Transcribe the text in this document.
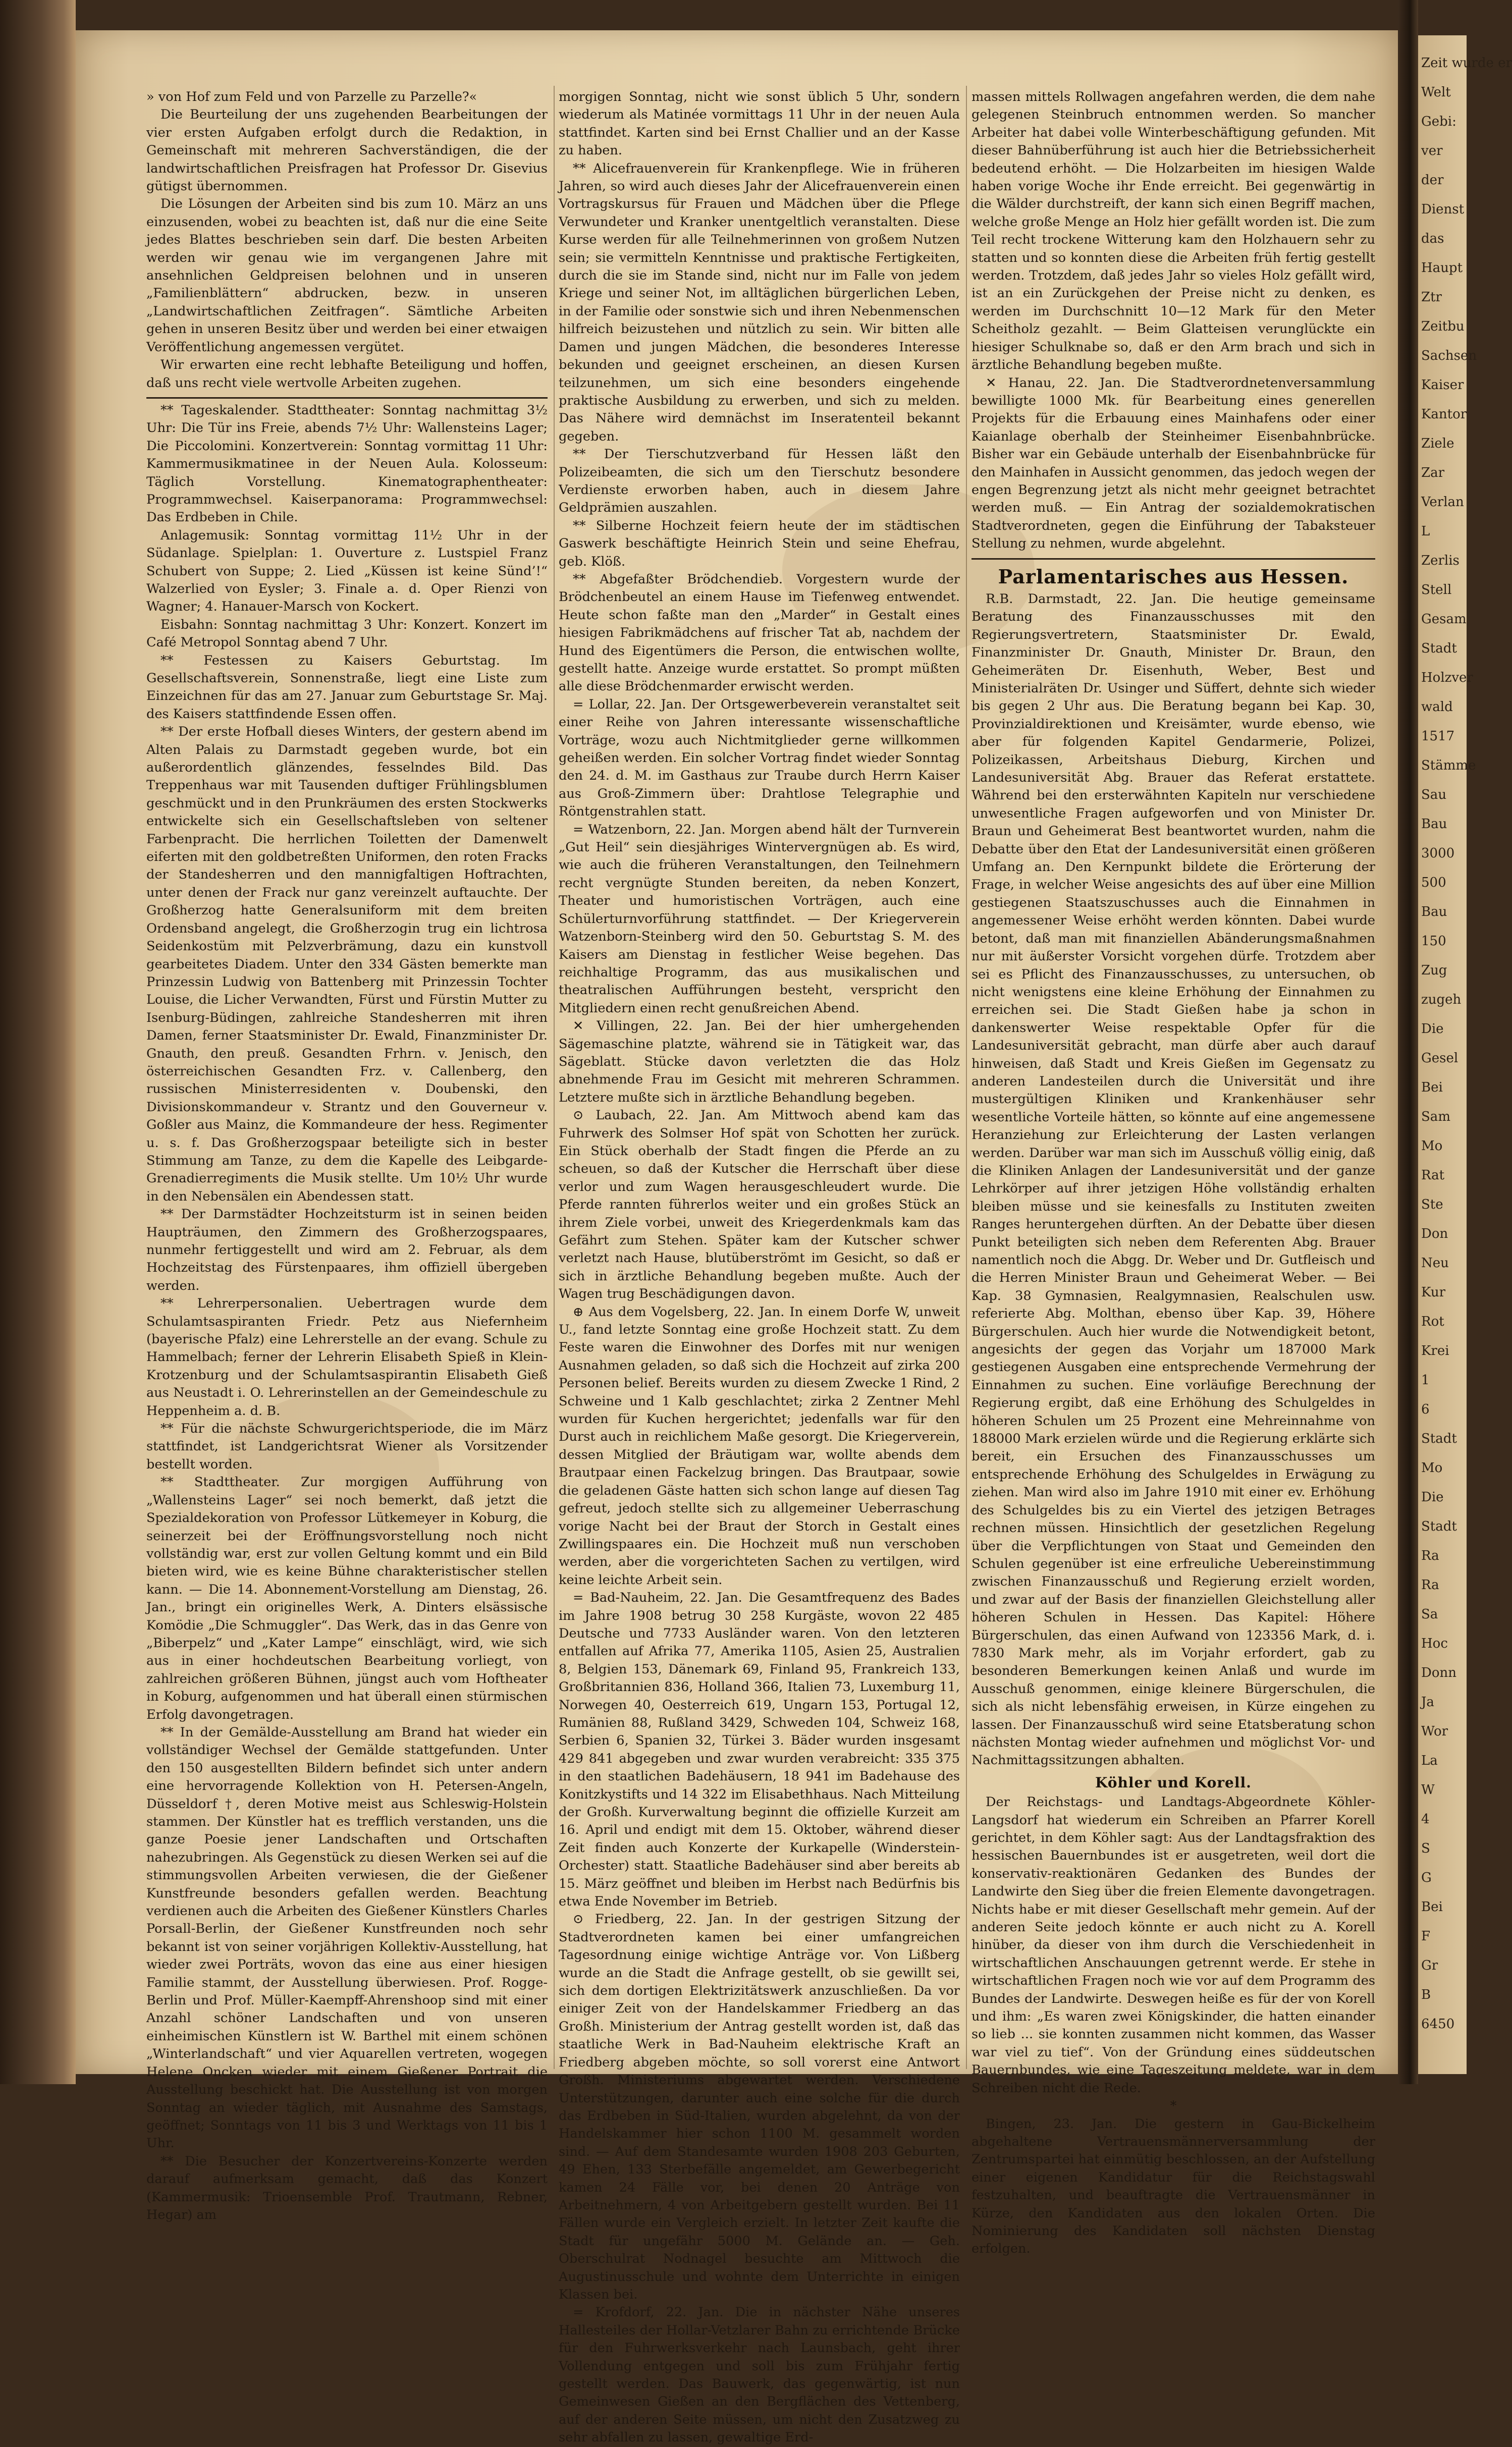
» von Hof zum Feld und von Parzelle zu Parzelle?«

Die Beurteilung der uns zugehenden Bearbeitungen der vier ersten Aufgaben erfolgt durch die Redaktion, in Gemeinschaft mit mehreren Sachverständigen, die der landwirtschaftlichen Preisfragen hat Professor Dr. Gisevius gütigst übernommen.

Die Lösungen der Arbeiten sind bis zum 10. März an uns einzusenden, wobei zu beachten ist, daß nur die eine Seite jedes Blattes beschrieben sein darf. Die besten Arbeiten werden wir genau wie im vergangenen Jahre mit ansehnlichen Geldpreisen belohnen und in unseren „Familienblättern“ abdrucken, bezw. in unseren „Landwirtschaftlichen Zeitfragen“. Sämtliche Arbeiten gehen in unseren Besitz über und werden bei einer etwaigen Veröffentlichung angemessen vergütet.

Wir erwarten eine recht lebhafte Beteiligung und hoffen, daß uns recht viele wertvolle Arbeiten zugehen.

** Tageskalender. Stadttheater: Sonntag nachmittag 3½ Uhr: Die Tür ins Freie, abends 7½ Uhr: Wallensteins Lager; Die Piccolomini. Konzertverein: Sonntag vormittag 11 Uhr: Kammermusikmatinee in der Neuen Aula. Kolosseum: Täglich Vorstellung. Kinematographentheater: Programmwechsel. Kaiserpanorama: Programmwechsel: Das Erdbeben in Chile.

Anlagemusik: Sonntag vormittag 11½ Uhr in der Südanlage. Spielplan: 1. Ouverture z. Lustspiel Franz Schubert von Suppe; 2. Lied „Küssen ist keine Sünd’!“ Walzerlied von Eysler; 3. Finale a. d. Oper Rienzi von Wagner; 4. Hanauer-Marsch von Kockert.

Eisbahn: Sonntag nachmittag 3 Uhr: Konzert. Konzert im Café Metropol Sonntag abend 7 Uhr.

** Festessen zu Kaisers Geburtstag. Im Gesellschaftsverein, Sonnenstraße, liegt eine Liste zum Einzeichnen für das am 27. Januar zum Geburtstage Sr. Maj. des Kaisers stattfindende Essen offen.

** Der erste Hofball dieses Winters, der gestern abend im Alten Palais zu Darmstadt gegeben wurde, bot ein außerordentlich glänzendes, fesselndes Bild. Das Treppenhaus war mit Tausenden duftiger Frühlingsblumen geschmückt und in den Prunkräumen des ersten Stockwerks entwickelte sich ein Gesellschaftsleben von seltener Farbenpracht. Die herrlichen Toiletten der Damenwelt eiferten mit den goldbetreßten Uniformen, den roten Fracks der Standesherren und den mannigfaltigen Hoftrachten, unter denen der Frack nur ganz vereinzelt auftauchte. Der Großherzog hatte Generalsuniform mit dem breiten Ordensband angelegt, die Großherzogin trug ein lichtrosa Seidenkostüm mit Pelzverbrämung, dazu ein kunstvoll gearbeitetes Diadem. Unter den 334 Gästen bemerkte man Prinzessin Ludwig von Battenberg mit Prinzessin Tochter Louise, die Licher Verwandten, Fürst und Fürstin Mutter zu Isenburg-Büdingen, zahlreiche Standesherren mit ihren Damen, ferner Staatsminister Dr. Ewald, Finanzminister Dr. Gnauth, den preuß. Gesandten Frhrn. v. Jenisch, den österreichischen Gesandten Frz. v. Callenberg, den russischen Ministerresidenten v. Doubenski, den Divisionskommandeur v. Strantz und den Gouverneur v. Goßler aus Mainz, die Kommandeure der hess. Regimenter u. s. f. Das Großherzogspaar beteiligte sich in bester Stimmung am Tanze, zu dem die Kapelle des Leibgarde-Grenadierregiments die Musik stellte. Um 10½ Uhr wurde in den Nebensälen ein Abendessen statt.

** Der Darmstädter Hochzeitsturm ist in seinen beiden Haupträumen, den Zimmern des Großherzogspaares, nunmehr fertiggestellt und wird am 2. Februar, als dem Hochzeitstag des Fürstenpaares, ihm offiziell übergeben werden.

** Lehrerpersonalien. Uebertragen wurde dem Schulamtsaspiranten Friedr. Petz aus Niefernheim (bayerische Pfalz) eine Lehrerstelle an der evang. Schule zu Hammelbach; ferner der Lehrerin Elisabeth Spieß in Klein-Krotzenburg und der Schulamtsaspirantin Elisabeth Gieß aus Neustadt i. O. Lehrerinstellen an der Gemeindeschule zu Heppenheim a. d. B.

** Für die nächste Schwurgerichtsperiode, die im März stattfindet, ist Landgerichtsrat Wiener als Vorsitzender bestellt worden.

** Stadttheater. Zur morgigen Aufführung von „Wallensteins Lager“ sei noch bemerkt, daß jetzt die Spezialdekoration von Professor Lütkemeyer in Koburg, die seinerzeit bei der Eröffnungsvorstellung noch nicht vollständig war, erst zur vollen Geltung kommt und ein Bild bieten wird, wie es keine Bühne charakteristischer stellen kann. — Die 14. Abonnement-Vorstellung am Dienstag, 26. Jan., bringt ein originelles Werk, A. Dinters elsässische Komödie „Die Schmuggler“. Das Werk, das in das Genre von „Biberpelz“ und „Kater Lampe“ einschlägt, wird, wie sich aus in einer hochdeutschen Bearbeitung vorliegt, von zahlreichen größeren Bühnen, jüngst auch vom Hoftheater in Koburg, aufgenommen und hat überall einen stürmischen Erfolg davongetragen.

** In der Gemälde-Ausstellung am Brand hat wieder ein vollständiger Wechsel der Gemälde stattgefunden. Unter den 150 ausgestellten Bildern befindet sich unter andern eine hervorragende Kollektion von H. Petersen-Angeln, Düsseldorf †, deren Motive meist aus Schleswig-Holstein stammen. Der Künstler hat es trefflich verstanden, uns die ganze Poesie jener Landschaften und Ortschaften nahezubringen. Als Gegenstück zu diesen Werken sei auf die stimmungsvollen Arbeiten verwiesen, die der Gießener Kunstfreunde besonders gefallen werden. Beachtung verdienen auch die Arbeiten des Gießener Künstlers Charles Porsall-Berlin, der Gießener Kunstfreunden noch sehr bekannt ist von seiner vorjährigen Kollektiv-Ausstellung, hat wieder zwei Porträts, wovon das eine aus einer hiesigen Familie stammt, der Ausstellung überwiesen. Prof. Rogge-Berlin und Prof. Müller-Kaempff-Ahrenshoop sind mit einer Anzahl schöner Landschaften und von unseren einheimischen Künstlern ist W. Barthel mit einem schönen „Winterlandschaft“ und vier Aquarellen vertreten, wogegen Helene Oncken wieder mit einem Gießener Portrait die Ausstellung beschickt hat. Die Ausstellung ist von morgen Sonntag an wieder täglich, mit Ausnahme des Samstags, geöffnet; Sonntags von 11 bis 3 und Werktags von 11 bis 1 Uhr.

** Die Besucher der Konzertvereins-Konzerte werden darauf aufmerksam gemacht, daß das Konzert (Kammermusik: Trioensemble Prof. Trautmann, Rebner, Hegar) am

morgigen Sonntag, nicht wie sonst üblich 5 Uhr, sondern wiederum als Matinée vormittags 11 Uhr in der neuen Aula stattfindet. Karten sind bei Ernst Challier und an der Kasse zu haben.

** Alicefrauenverein für Krankenpflege. Wie in früheren Jahren, so wird auch dieses Jahr der Alicefrauenverein einen Vortragskursus für Frauen und Mädchen über die Pflege Verwundeter und Kranker unentgeltlich veranstalten. Diese Kurse werden für alle Teilnehmerinnen von großem Nutzen sein; sie vermitteln Kenntnisse und praktische Fertigkeiten, durch die sie im Stande sind, nicht nur im Falle von jedem Kriege und seiner Not, im alltäglichen bürgerlichen Leben, in der Familie oder sonstwie sich und ihren Nebenmenschen hilfreich beizustehen und nützlich zu sein. Wir bitten alle Damen und jungen Mädchen, die besonderes Interesse bekunden und geeignet erscheinen, an diesen Kursen teilzunehmen, um sich eine besonders eingehende praktische Ausbildung zu erwerben, und sich zu melden. Das Nähere wird demnächst im Inseratenteil bekannt gegeben.

** Der Tierschutzverband für Hessen läßt den Polizeibeamten, die sich um den Tierschutz besondere Verdienste erworben haben, auch in diesem Jahre Geldprämien auszahlen.

** Silberne Hochzeit feiern heute der im städtischen Gaswerk beschäftigte Heinrich Stein und seine Ehefrau, geb. Klöß.

** Abgefaßter Brödchendieb. Vorgestern wurde der Brödchenbeutel an einem Hause im Tiefenweg entwendet. Heute schon faßte man den „Marder“ in Gestalt eines hiesigen Fabrikmädchens auf frischer Tat ab, nachdem der Hund des Eigentümers die Person, die entwischen wollte, gestellt hatte. Anzeige wurde erstattet. So prompt müßten alle diese Brödchenmarder erwischt werden.

= Lollar, 22. Jan. Der Ortsgewerbeverein veranstaltet seit einer Reihe von Jahren interessante wissenschaftliche Vorträge, wozu auch Nichtmitglieder gerne willkommen geheißen werden. Ein solcher Vortrag findet wieder Sonntag den 24. d. M. im Gasthaus zur Traube durch Herrn Kaiser aus Groß-Zimmern über: Drahtlose Telegraphie und Röntgenstrahlen statt.

= Watzenborn, 22. Jan. Morgen abend hält der Turnverein „Gut Heil“ sein diesjähriges Wintervergnügen ab. Es wird, wie auch die früheren Veranstaltungen, den Teilnehmern recht vergnügte Stunden bereiten, da neben Konzert, Theater und humoristischen Vorträgen, auch eine Schülerturnvorführung stattfindet. — Der Kriegerverein Watzenborn-Steinberg wird den 50. Geburtstag S. M. des Kaisers am Dienstag in festlicher Weise begehen. Das reichhaltige Programm, das aus musikalischen und theatralischen Aufführungen besteht, verspricht den Mitgliedern einen recht genußreichen Abend.

✕ Villingen, 22. Jan. Bei der hier umhergehenden Sägemaschine platzte, während sie in Tätigkeit war, das Sägeblatt. Stücke davon verletzten die das Holz abnehmende Frau im Gesicht mit mehreren Schrammen. Letztere mußte sich in ärztliche Behandlung begeben.

⊙ Laubach, 22. Jan. Am Mittwoch abend kam das Fuhrwerk des Solmser Hof spät von Schotten her zurück. Ein Stück oberhalb der Stadt fingen die Pferde an zu scheuen, so daß der Kutscher die Herrschaft über diese verlor und zum Wagen herausgeschleudert wurde. Die Pferde rannten führerlos weiter und ein großes Stück an ihrem Ziele vorbei, unweit des Kriegerdenkmals kam das Gefährt zum Stehen. Später kam der Kutscher schwer verletzt nach Hause, blutüberströmt im Gesicht, so daß er sich in ärztliche Behandlung begeben mußte. Auch der Wagen trug Beschädigungen davon.

⊕ Aus dem Vogelsberg, 22. Jan. In einem Dorfe W, unweit U., fand letzte Sonntag eine große Hochzeit statt. Zu dem Feste waren die Einwohner des Dorfes mit nur wenigen Ausnahmen geladen, so daß sich die Hochzeit auf zirka 200 Personen belief. Bereits wurden zu diesem Zwecke 1 Rind, 2 Schweine und 1 Kalb geschlachtet; zirka 2 Zentner Mehl wurden für Kuchen hergerichtet; jedenfalls war für den Durst auch in reichlichem Maße gesorgt. Die Kriegerverein, dessen Mitglied der Bräutigam war, wollte abends dem Brautpaar einen Fackelzug bringen. Das Brautpaar, sowie die geladenen Gäste hatten sich schon lange auf diesen Tag gefreut, jedoch stellte sich zu allgemeiner Ueberraschung vorige Nacht bei der Braut der Storch in Gestalt eines Zwillingspaares ein. Die Hochzeit muß nun verschoben werden, aber die vorgerichteten Sachen zu vertilgen, wird keine leichte Arbeit sein.

= Bad-Nauheim, 22. Jan. Die Gesamtfrequenz des Bades im Jahre 1908 betrug 30 258 Kurgäste, wovon 22 485 Deutsche und 7733 Ausländer waren. Von den letzteren entfallen auf Afrika 77, Amerika 1105, Asien 25, Australien 8, Belgien 153, Dänemark 69, Finland 95, Frankreich 133, Großbritannien 836, Holland 366, Italien 73, Luxemburg 11, Norwegen 40, Oesterreich 619, Ungarn 153, Portugal 12, Rumänien 88, Rußland 3429, Schweden 104, Schweiz 168, Serbien 6, Spanien 32, Türkei 3. Bäder wurden insgesamt 429 841 abgegeben und zwar wurden verabreicht: 335 375 in den staatlichen Badehäusern, 18 941 im Badehause des Konitzkystifts und 14 322 im Elisabethhaus. Nach Mitteilung der Großh. Kurverwaltung beginnt die offizielle Kurzeit am 16. April und endigt mit dem 15. Oktober, während dieser Zeit finden auch Konzerte der Kurkapelle (Winderstein-Orchester) statt. Staatliche Badehäuser sind aber bereits ab 15. März geöffnet und bleiben im Herbst nach Bedürfnis bis etwa Ende November im Betrieb.

⊙ Friedberg, 22. Jan. In der gestrigen Sitzung der Stadtverordneten kamen bei einer umfangreichen Tagesordnung einige wichtige Anträge vor. Von Lißberg wurde an die Stadt die Anfrage gestellt, ob sie gewillt sei, sich dem dortigen Elektrizitätswerk anzuschließen. Da vor einiger Zeit von der Handelskammer Friedberg an das Großh. Ministerium der Antrag gestellt worden ist, daß das staatliche Werk in Bad-Nauheim elektrische Kraft an Friedberg abgeben möchte, so soll vorerst eine Antwort Großh. Ministeriums abgewartet werden. Verschiedene Unterstützungen, darunter auch eine solche für die durch das Erdbeben in Süd-Italien, wurden abgelehnt, da von der Handelskammer hier schon 1100 M. gesammelt worden sind. — Auf dem Standesamte wurden 1908 203 Geburten, 49 Ehen, 133 Sterbefälle angemeldet, am Gewerbegericht kamen 24 Fälle vor, bei denen 20 Anträge von Arbeitnehmern, 4 von Arbeitgebern gestellt wurden. Bei 11 Fällen wurde ein Vergleich erzielt. In letzter Zeit kaufte die Stadt für ungefähr 5000 M. Gelände an. — Geh. Oberschulrat Nodnagel besuchte am Mittwoch die Augustinusschule und wohnte dem Unterrichte in einigen Klassen bei.

= Krofdorf, 22. Jan. Die in nächster Nähe unseres Hallesteiles der Hollar-Vetzlarer Bahn zu errichtende Brücke für den Fuhrwerksverkehr nach Launsbach, geht ihrer Vollendung entgegen und soll bis zum Frühjahr fertig gestellt werden. Das Bauwerk, das gegenwärtig, ist nun Gemeinwesen Gießen an den Bergflächen des Vettenberg, auf der anderen Seite müssen, um nicht den Zusatzweg zu sehr abfallen zu lassen, gewaltige Erd-

massen mittels Rollwagen angefahren werden, die dem nahe gelegenen Steinbruch entnommen werden. So mancher Arbeiter hat dabei volle Winterbeschäftigung gefunden. Mit dieser Bahnüberführung ist auch hier die Betriebssicherheit bedeutend erhöht. — Die Holzarbeiten im hiesigen Walde haben vorige Woche ihr Ende erreicht. Bei gegenwärtig in die Wälder durchstreift, der kann sich einen Begriff machen, welche große Menge an Holz hier gefällt worden ist. Die zum Teil recht trockene Witterung kam den Holzhauern sehr zu statten und so konnten diese die Arbeiten früh fertig gestellt werden. Trotzdem, daß jedes Jahr so vieles Holz gefällt wird, ist an ein Zurückgehen der Preise nicht zu denken, es werden im Durchschnitt 10—12 Mark für den Meter Scheitholz gezahlt. — Beim Glatteisen verunglückte ein hiesiger Schulknabe so, daß er den Arm brach und sich in ärztliche Behandlung begeben mußte.

✕ Hanau, 22. Jan. Die Stadtverordnetenversammlung bewilligte 1000 Mk. für Bearbeitung eines generellen Projekts für die Erbauung eines Mainhafens oder einer Kaianlage oberhalb der Steinheimer Eisenbahnbrücke. Bisher war ein Gebäude unterhalb der Eisenbahnbrücke für den Mainhafen in Aussicht genommen, das jedoch wegen der engen Begrenzung jetzt als nicht mehr geeignet betrachtet werden muß. — Ein Antrag der sozialdemokratischen Stadtverordneten, gegen die Einführung der Tabaksteuer Stellung zu nehmen, wurde abgelehnt.

Parlamentarisches aus Hessen.

R.B. Darmstadt, 22. Jan. Die heutige gemeinsame Beratung des Finanzausschusses mit den Regierungsvertretern, Staatsminister Dr. Ewald, Finanzminister Dr. Gnauth, Minister Dr. Braun, den Geheimeräten Dr. Eisenhuth, Weber, Best und Ministerialräten Dr. Usinger und Süffert, dehnte sich wieder bis gegen 2 Uhr aus. Die Beratung begann bei Kap. 30, Provinzialdirektionen und Kreisämter, wurde ebenso, wie aber für folgenden Kapitel Gendarmerie, Polizei, Polizeikassen, Arbeitshaus Dieburg, Kirchen und Landesuniversität Abg. Brauer das Referat erstattete. Während bei den ersterwähnten Kapiteln nur verschiedene unwesentliche Fragen aufgeworfen und von Minister Dr. Braun und Geheimerat Best beantwortet wurden, nahm die Debatte über den Etat der Landesuniversität einen größeren Umfang an. Den Kernpunkt bildete die Erörterung der Frage, in welcher Weise angesichts des auf über eine Million gestiegenen Staatszuschusses auch die Einnahmen in angemessener Weise erhöht werden könnten. Dabei wurde betont, daß man mit finanziellen Abänderungsmaßnahmen nur mit äußerster Vorsicht vorgehen dürfe. Trotzdem aber sei es Pflicht des Finanzausschusses, zu untersuchen, ob nicht wenigstens eine kleine Erhöhung der Einnahmen zu erreichen sei. Die Stadt Gießen habe ja schon in dankenswerter Weise respektable Opfer für die Landesuniversität gebracht, man dürfe aber auch darauf hinweisen, daß Stadt und Kreis Gießen im Gegensatz zu anderen Landesteilen durch die Universität und ihre mustergültigen Kliniken und Krankenhäuser sehr wesentliche Vorteile hätten, so könnte auf eine angemessene Heranziehung zur Erleichterung der Lasten verlangen werden. Darüber war man sich im Ausschuß völlig einig, daß die Kliniken Anlagen der Landesuniversität und der ganze Lehrkörper auf ihrer jetzigen Höhe vollständig erhalten bleiben müsse und sie keinesfalls zu Instituten zweiten Ranges heruntergehen dürften. An der Debatte über diesen Punkt beteiligten sich neben dem Referenten Abg. Brauer namentlich noch die Abgg. Dr. Weber und Dr. Gutfleisch und die Herren Minister Braun und Geheimerat Weber. — Bei Kap. 38 Gymnasien, Realgymnasien, Realschulen usw. referierte Abg. Molthan, ebenso über Kap. 39, Höhere Bürgerschulen. Auch hier wurde die Notwendigkeit betont, angesichts der gegen das Vorjahr um 187000 Mark gestiegenen Ausgaben eine entsprechende Vermehrung der Einnahmen zu suchen. Eine vorläufige Berechnung der Regierung ergibt, daß eine Erhöhung des Schulgeldes in höheren Schulen um 25 Prozent eine Mehreinnahme von 188000 Mark erzielen würde und die Regierung erklärte sich bereit, ein Ersuchen des Finanzausschusses um entsprechende Erhöhung des Schulgeldes in Erwägung zu ziehen. Man wird also im Jahre 1910 mit einer ev. Erhöhung des Schulgeldes bis zu ein Viertel des jetzigen Betrages rechnen müssen. Hinsichtlich der gesetzlichen Regelung über die Verpflichtungen von Staat und Gemeinden den Schulen gegenüber ist eine erfreuliche Uebereinstimmung zwischen Finanzausschuß und Regierung erzielt worden, und zwar auf der Basis der finanziellen Gleichstellung aller höheren Schulen in Hessen. Das Kapitel: Höhere Bürgerschulen, das einen Aufwand von 123356 Mark, d. i. 7830 Mark mehr, als im Vorjahr erfordert, gab zu besonderen Bemerkungen keinen Anlaß und wurde im Ausschuß genommen, einige kleinere Bürgerschulen, die sich als nicht lebensfähig erweisen, in Kürze eingehen zu lassen. Der Finanzausschuß wird seine Etatsberatung schon nächsten Montag wieder aufnehmen und möglichst Vor- und Nachmittagssitzungen abhalten.

Köhler und Korell.

Der Reichstags- und Landtags-Abgeordnete Köhler-Langsdorf hat wiederum ein Schreiben an Pfarrer Korell gerichtet, in dem Köhler sagt: Aus der Landtagsfraktion des hessischen Bauernbundes ist er ausgetreten, weil dort die konservativ-reaktionären Gedanken des Bundes der Landwirte den Sieg über die freien Elemente davongetragen. Nichts habe er mit dieser Gesellschaft mehr gemein. Auf der anderen Seite jedoch könnte er auch nicht zu A. Korell hinüber, da dieser von ihm durch die Verschiedenheit in wirtschaftlichen Anschauungen getrennt werde. Er stehe in wirtschaftlichen Fragen noch wie vor auf dem Programm des Bundes der Landwirte. Deswegen heiße es für der von Korell und ihm: „Es waren zwei Königskinder, die hatten einander so lieb ... sie konnten zusammen nicht kommen, das Wasser war viel zu tief“. Von der Gründung eines süddeutschen Bauernbundes, wie eine Tageszeitung meldete, war in dem Schreiben nicht die Rede.

*

Bingen, 23. Jan. Die gestern in Gau-Bickelheim abgehaltene Vertrauensmännerversammlung der Zentrumspartei hat einmütig beschlossen, an der Aufstellung einer eigenen Kandidatur für die Reichstagswahl festzuhalten, und beauftragte die Vertrauensmänner in Kürze, den Kandidaten aus den lokalen Orten. Die Nominierung des Kandidaten soll nächsten Dienstag erfolgen.

Zeit wurde er
Welt
Gebi:
ver
der
Dienst
das
Haupt
Ztr
Zeitbu
Sachsen
Kaiser
Kantor
Ziele
Zar
Verlan
L
Zerlis
Stell
Gesam
Stadt
Holzver
wald
1517
Stämme
Sau
Bau
3000
500
Bau
150
Zug
zugeh
Die
Gesel
Bei
Sam
Mo
Rat
Ste
Don
Neu
Kur
Rot
Krei
1
6
Stadt
Mo
Die
Stadt
Ra
Ra
Sa
Hoc
Donn
Ja
Wor
La
W
4
S
G
Bei
F
Gr
B
6450
